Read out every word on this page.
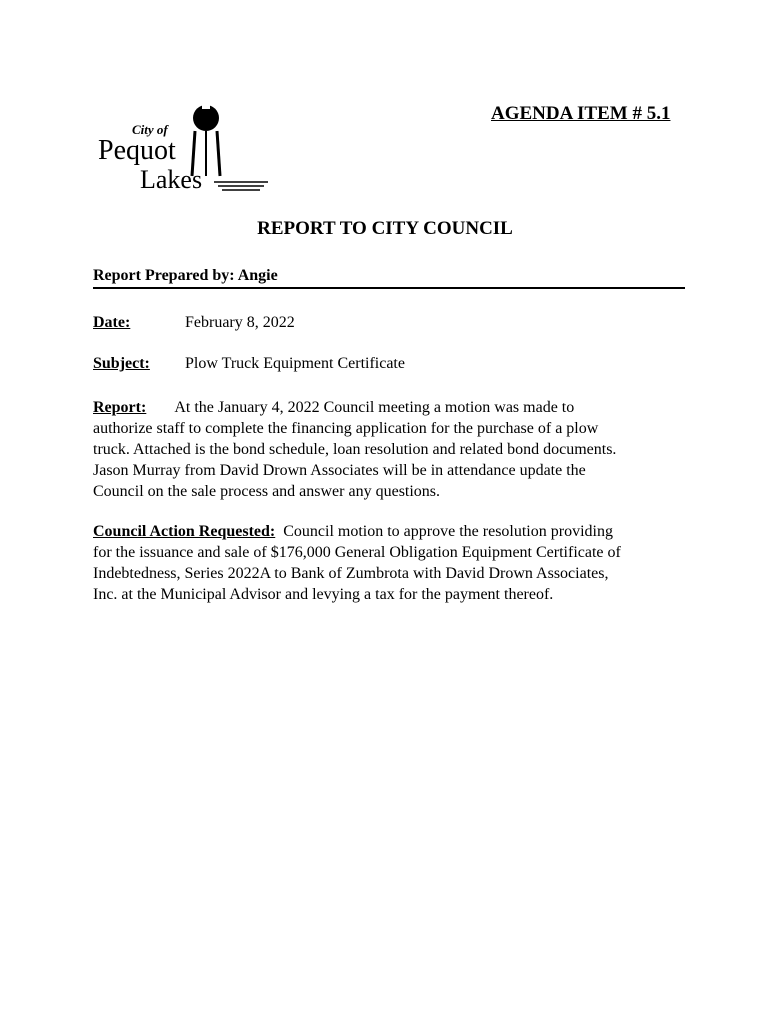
City of
Pequot
Lakes
AGENDA ITEM # 5.1
REPORT TO CITY COUNCIL
Report Prepared by: Angie
Date:	February 8, 2022
Subject: Plow Truck Equipment Certificate
Report: At the January 4, 2022 Council meeting a motion was made to
authorize staff to complete the financing application for the purchase of a plow
truck. Attached is the bond schedule, loan resolution and related bond documents.
Jason Murray from David Drown Associates will be in attendance update the
Council on the sale process and answer any questions.
Council Action Requested: Council motion to approve the resolution providing
for the issuance and sale of $176,000 General Obligation Equipment Certificate of
Indebtedness, Series 2022A to Bank of Zumbrota with David Drown Associates,
Inc. at the Municipal Advisor and levying a tax for the payment thereof.
